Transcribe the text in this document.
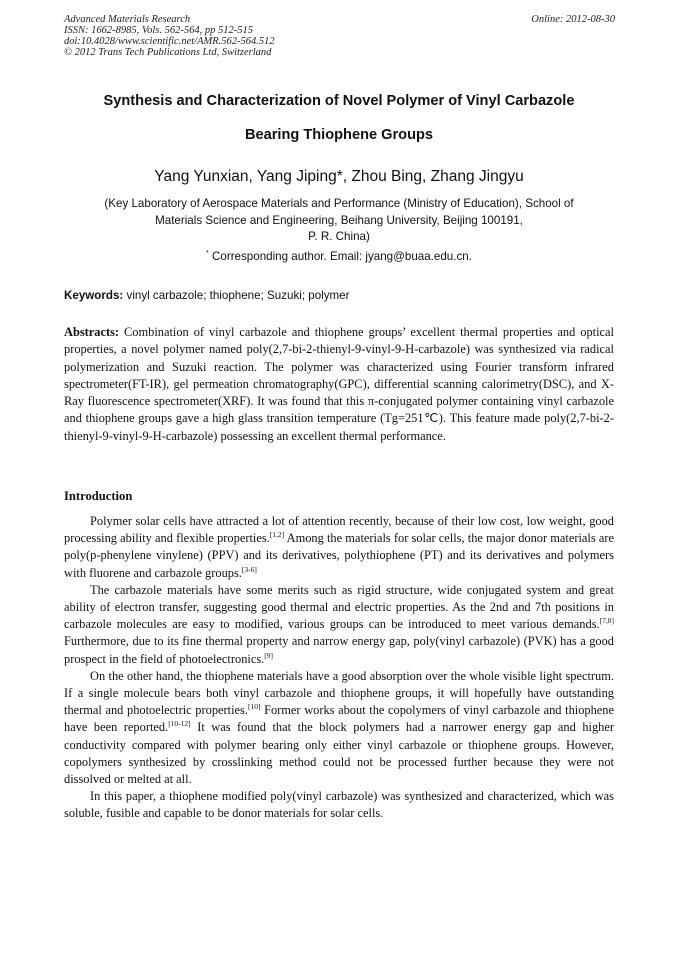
Advanced Materials Research
ISSN: 1662-8985, Vols. 562-564, pp 512-515
doi:10.4028/www.scientific.net/AMR.562-564.512
© 2012 Trans Tech Publications Ltd, Switzerland
Online: 2012-08-30
Synthesis and Characterization of Novel Polymer of Vinyl Carbazole
Bearing Thiophene Groups
Yang Yunxian, Yang Jiping*, Zhou Bing, Zhang Jingyu
(Key Laboratory of Aerospace Materials and Performance (Ministry of Education), School of
Materials Science and Engineering, Beihang University, Beijing 100191,
P. R. China)
* Corresponding author. Email: jyang@buaa.edu.cn.
Keywords: vinyl carbazole; thiophene; Suzuki; polymer
Abstracts: Combination of vinyl carbazole and thiophene groups’ excellent thermal properties and optical properties, a novel polymer named poly(2,7-bi-2-thienyl-9-vinyl-9-H-carbazole) was synthesized via radical polymerization and Suzuki reaction. The polymer was characterized using Fourier transform infrared spectrometer(FT-IR), gel permeation chromatography(GPC), differential scanning calorimetry(DSC), and X-Ray fluorescence spectrometer(XRF). It was found that this π-conjugated polymer containing vinyl carbazole and thiophene groups gave a high glass transition temperature (Tg=251℃). This feature made poly(2,7-bi-2-thienyl-9-vinyl-9-H-carbazole) possessing an excellent thermal performance.
Introduction

Polymer solar cells have attracted a lot of attention recently, because of their low cost, low weight, good processing ability and flexible properties.[1,2] Among the materials for solar cells, the major donor materials are poly(p-phenylene vinylene) (PPV) and its derivatives, polythiophene (PT) and its derivatives and polymers with fluorene and carbazole groups.[3-6]

The carbazole materials have some merits such as rigid structure, wide conjugated system and great ability of electron transfer, suggesting good thermal and electric properties. As the 2nd and 7th positions in carbazole molecules are easy to modified, various groups can be introduced to meet various demands.[7,8] Furthermore, due to its fine thermal property and narrow energy gap, poly(vinyl carbazole) (PVK) has a good prospect in the field of photoelectronics.[9]

On the other hand, the thiophene materials have a good absorption over the whole visible light spectrum. If a single molecule bears both vinyl carbazole and thiophene groups, it will hopefully have outstanding thermal and photoelectric properties.[10] Former works about the copolymers of vinyl carbazole and thiophene have been reported.[10-12] It was found that the block polymers had a narrower energy gap and higher conductivity compared with polymer bearing only either vinyl carbazole or thiophene groups. However, copolymers synthesized by crosslinking method could not be processed further because they were not dissolved or melted at all.

In this paper, a thiophene modified poly(vinyl carbazole) was synthesized and characterized, which was soluble, fusible and capable to be donor materials for solar cells.
